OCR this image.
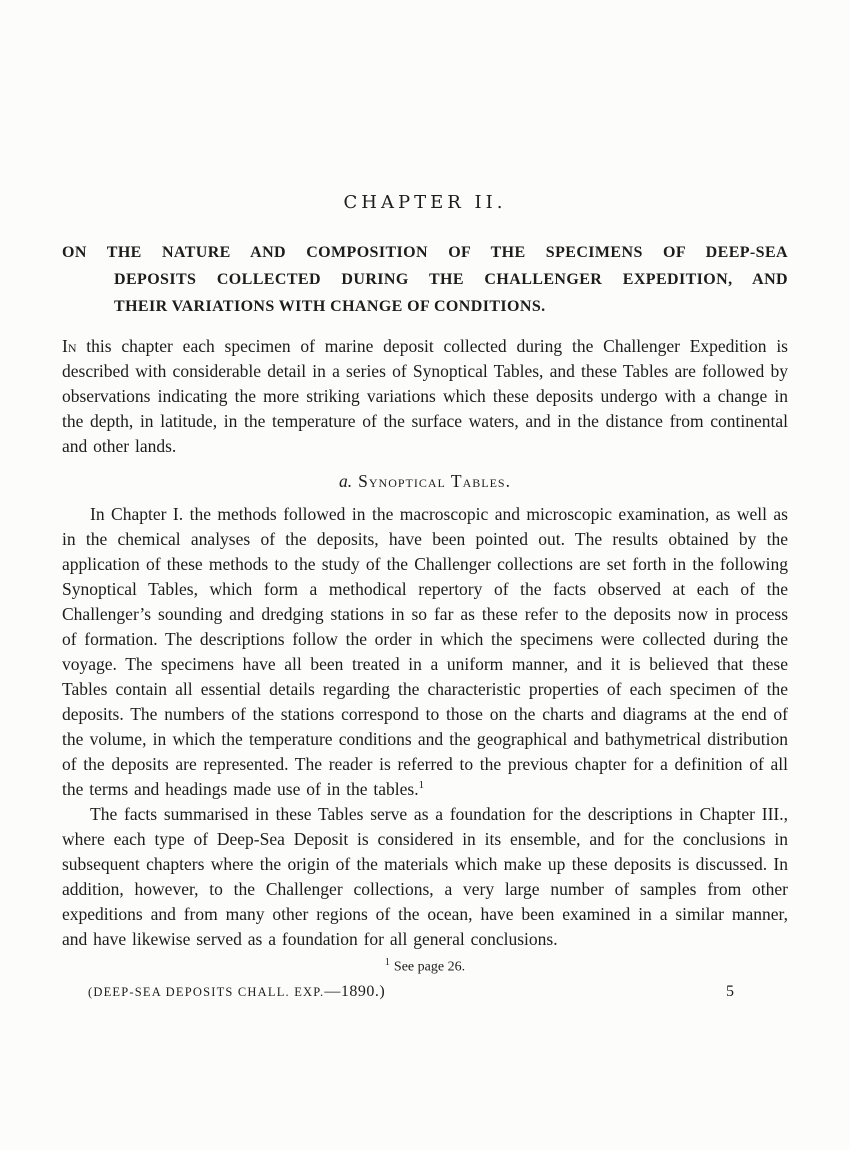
CHAPTER II.
ON THE NATURE AND COMPOSITION OF THE SPECIMENS OF DEEP-SEA
DEPOSITS COLLECTED DURING THE CHALLENGER EXPEDITION, AND
THEIR VARIATIONS WITH CHANGE OF CONDITIONS.

In this chapter each specimen of marine deposit collected during the Challenger Expedition is described with considerable detail in a series of Synoptical Tables, and these Tables are followed by observations indicating the more striking variations which these deposits undergo with a change in the depth, in latitude, in the temperature of the surface waters, and in the distance from continental and other lands.

a. Synoptical Tables.

In Chapter I. the methods followed in the macroscopic and microscopic examination, as well as in the chemical analyses of the deposits, have been pointed out. The results obtained by the application of these methods to the study of the Challenger collections are set forth in the following Synoptical Tables, which form a methodical repertory of the facts observed at each of the Challenger’s sounding and dredging stations in so far as these refer to the deposits now in process of formation. The descriptions follow the order in which the specimens were collected during the voyage. The specimens have all been treated in a uniform manner, and it is believed that these Tables contain all essential details regarding the characteristic properties of each specimen of the deposits. The numbers of the stations correspond to those on the charts and diagrams at the end of the volume, in which the temperature conditions and the geographical and bathymetrical distribution of the deposits are represented. The reader is referred to the previous chapter for a definition of all the terms and headings made use of in the tables.$^1$

The facts summarised in these Tables serve as a foundation for the descriptions in Chapter III., where each type of Deep-Sea Deposit is considered in its ensemble, and for the conclusions in subsequent chapters where the origin of the materials which make up these deposits is discussed. In addition, however, to the Challenger collections, a very large number of samples from other expeditions and from many other regions of the ocean, have been examined in a similar manner, and have likewise served as a foundation for all general conclusions.

$^1$ See page 26.
(DEEP-SEA DEPOSITS CHALL. EXP.—1890.)	5
